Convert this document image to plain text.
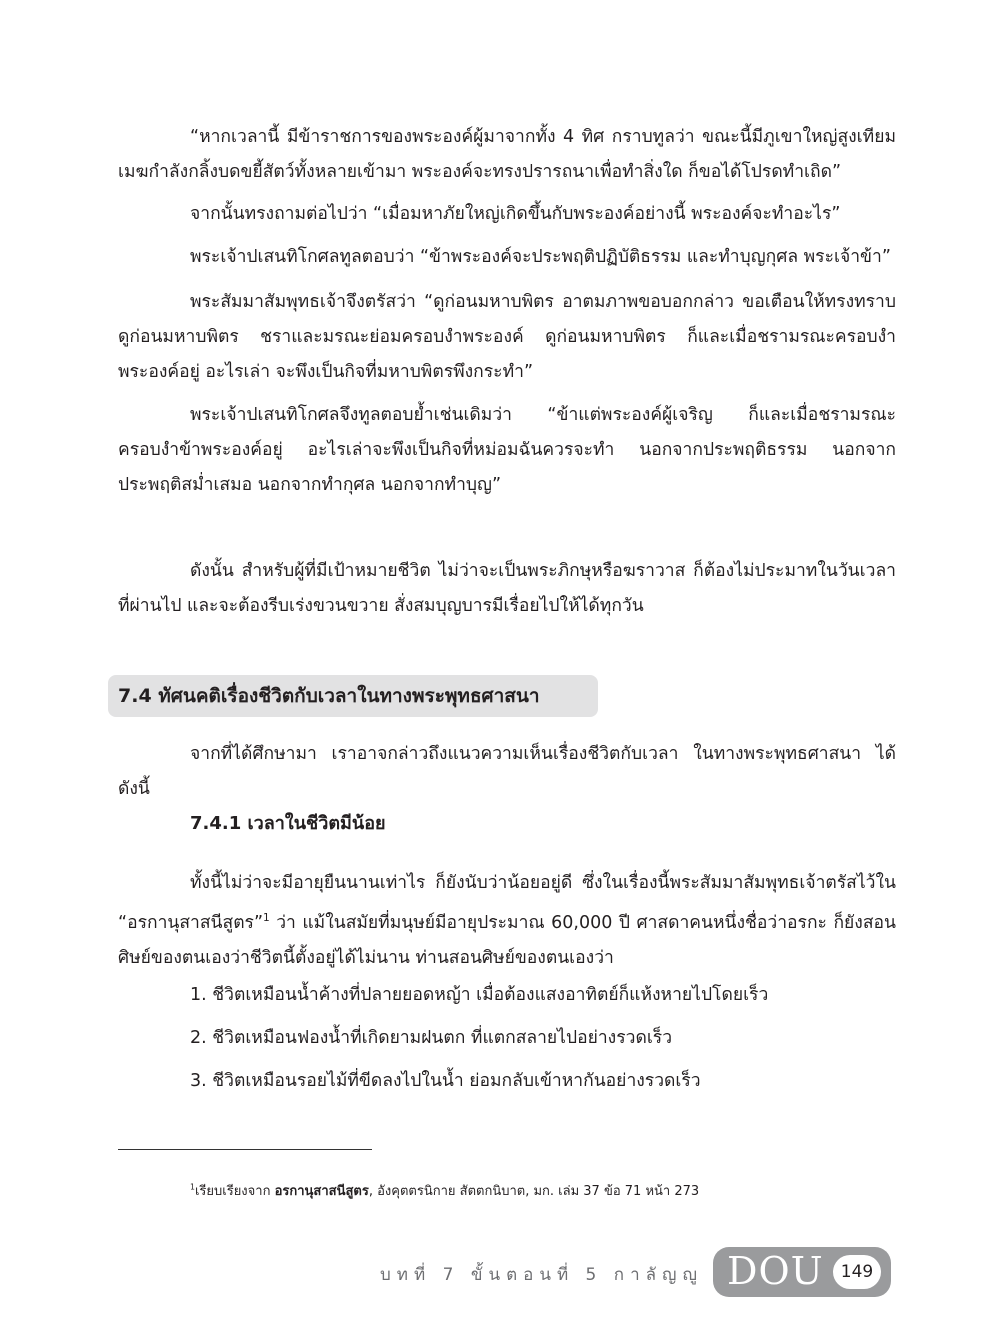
“หากเวลานี้ มีข้าราชการของพระองค์ผู้มาจากทั้ง 4 ทิศ กราบทูลว่า ขณะนี้มีภูเขาใหญ่สูงเทียมเมฆกำลังกลิ้งบดขยี้สัตว์ทั้งหลายเข้ามา พระองค์จะทรงปรารถนาเพื่อทำสิ่งใด ก็ขอได้โปรดทำเถิด”

จากนั้นทรงถามต่อไปว่า “เมื่อมหาภัยใหญ่เกิดขึ้นกับพระองค์อย่างนี้ พระองค์จะทำอะไร”

พระเจ้าปเสนทิโกศลทูลตอบว่า “ข้าพระองค์จะประพฤติปฏิบัติธรรม และทำบุญกุศล พระเจ้าข้า”

พระสัมมาสัมพุทธเจ้าจึงตรัสว่า “ดูก่อนมหาบพิตร อาตมภาพขอบอกกล่าว ขอเตือนให้ทรงทราบ ดูก่อนมหาบพิตร ชราและมรณะย่อมครอบงำพระองค์ ดูก่อนมหาบพิตร ก็และเมื่อชรามรณะครอบงำพระองค์อยู่ อะไรเล่า จะพึงเป็นกิจที่มหาบพิตรพึงกระทำ”

พระเจ้าปเสนทิโกศลจึงทูลตอบย้ำเช่นเดิมว่า “ข้าแต่พระองค์ผู้เจริญ ก็และเมื่อชรามรณะครอบงำข้าพระองค์อยู่ อะไรเล่าจะพึงเป็นกิจที่หม่อมฉันควรจะทำ นอกจากประพฤติธรรม นอกจากประพฤติสม่ำเสมอ นอกจากทำกุศล นอกจากทำบุญ”

ดังนั้น สำหรับผู้ที่มีเป้าหมายชีวิต ไม่ว่าจะเป็นพระภิกษุหรือฆราวาส ก็ต้องไม่ประมาทในวันเวลาที่ผ่านไป และจะต้องรีบเร่งขวนขวาย สั่งสมบุญบารมีเรื่อยไปให้ได้ทุกวัน

7.4 ทัศนคติเรื่องชีวิตกับเวลาในทางพระพุทธศาสนา

จากที่ได้ศึกษามา เราอาจกล่าวถึงแนวความเห็นเรื่องชีวิตกับเวลา ในทางพระพุทธศาสนา ได้ดังนี้

7.4.1 เวลาในชีวิตมีน้อย

ทั้งนี้ไม่ว่าจะมีอายุยืนนานเท่าไร ก็ยังนับว่าน้อยอยู่ดี ซึ่งในเรื่องนี้พระสัมมาสัมพุทธเจ้าตรัสไว้ใน “อรกานุสาสนีสูตร”$^1$ ว่า แม้ในสมัยที่มนุษย์มีอายุประมาณ 60,000 ปี ศาสดาคนหนึ่งชื่อว่าอรกะ ก็ยังสอนศิษย์ของตนเองว่าชีวิตนี้ตั้งอยู่ได้ไม่นาน ท่านสอนศิษย์ของตนเองว่า

1. ชีวิตเหมือนน้ำค้างที่ปลายยอดหญ้า เมื่อต้องแสงอาทิตย์ก็แห้งหายไปโดยเร็ว

2. ชีวิตเหมือนฟองน้ำที่เกิดยามฝนตก ที่แตกสลายไปอย่างรวดเร็ว

3. ชีวิตเหมือนรอยไม้ที่ขีดลงไปในน้ำ ย่อมกลับเข้าหากันอย่างรวดเร็ว

$^1$เรียบเรียงจาก อรกานุสาสนีสูตร, อังคุตตรนิกาย สัตตกนิบาต, มก. เล่ม 37 ข้อ 71 หน้า 273
บทที่ 7 ขั้นตอนที่ 5 กาลัญญู DOU	149
